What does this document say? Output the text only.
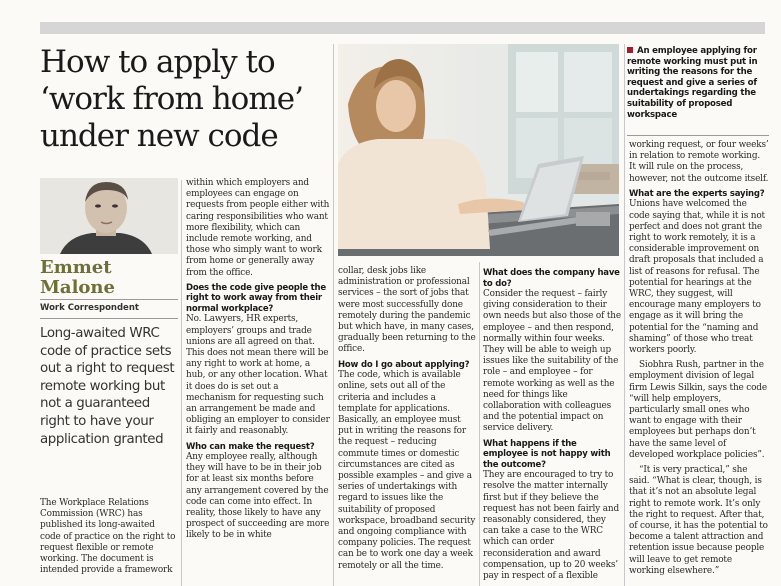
How to apply to ‘work from home’ under new code
Emmet
Malone
Work Correspondent
Long-awaited WRC code of practice sets out a right to request remote working but not a guaranteed right to have your application granted

The Workplace Relations Commission (WRC) has published its long-awaited code of practice on the right to request flexible or remote working. The document is intended provide a framework

within which employers and employees can engage on requests from people either with caring responsibilities who want more flexibility, which can include remote working, and those who simply want to work from home or generally away from the office.

Does the code give people the right to work away from their normal workplace?

No. Lawyers, HR experts, employers’ groups and trade unions are all agreed on that. This does not mean there will be any right to work at home, a hub, or any other location. What it does do is set out a mechanism for requesting such an arrangement be made and obliging an employer to consider it fairly and reasonably.

Who can make the request?

Any employee really, although they will have to be in their job for at least six months before any arrangement covered by the code can come into effect. In reality, those likely to have any prospect of succeeding are more likely to be in white

collar, desk jobs like administration or professional services – the sort of jobs that were most successfully done remotely during the pandemic but which have, in many cases, gradually been returning to the office.

How do I go about applying?

The code, which is available online, sets out all of the criteria and includes a template for applications. Basically, an employee must put in writing the reasons for the request – reducing commute times or domestic circumstances are cited as possible examples – and give a series of undertakings with regard to issues like the suitability of proposed workspace, broadband security and ongoing compliance with company policies. The request can be to work one day a week remotely or all the time.

What does the company have to do?

Consider the request – fairly giving consideration to their own needs but also those of the employee – and then respond, normally within four weeks. They will be able to weigh up issues like the suitability of the role – and employee – for remote working as well as the need for things like collaboration with colleagues and the potential impact on service delivery.

What happens if the employee is not happy with the outcome?

They are encouraged to try to resolve the matter internally first but if they believe the request has not been fairly and reasonably considered, they can take a case to the WRC which can order reconsideration and award compensation, up to 20 weeks’ pay in respect of a flexible

An employee applying for remote working must put in writing the reasons for the request and give a series of undertakings regarding the suitability of proposed workspace

working request, or four weeks’ in relation to remote working. It will rule on the process, however, not the outcome itself.

What are the experts saying?

Unions have welcomed the code saying that, while it is not perfect and does not grant the right to work remotely, it is a considerable improvement on draft proposals that included a list of reasons for refusal. The potential for hearings at the WRC, they suggest, will encourage many employers to engage as it will bring the potential for the “naming and shaming” of those who treat workers poorly.

Siobhra Rush, partner in the employment division of legal firm Lewis Silkin, says the code “will help employers, particularly small ones who want to engage with their employees but perhaps don’t have the same level of developed workplace policies”.

“It is very practical,” she said. “What is clear, though, is that it’s not an absolute legal right to remote work. It’s only the right to request. After that, of course, it has the potential to become a talent attraction and retention issue because people will leave to get remote working elsewhere.”
